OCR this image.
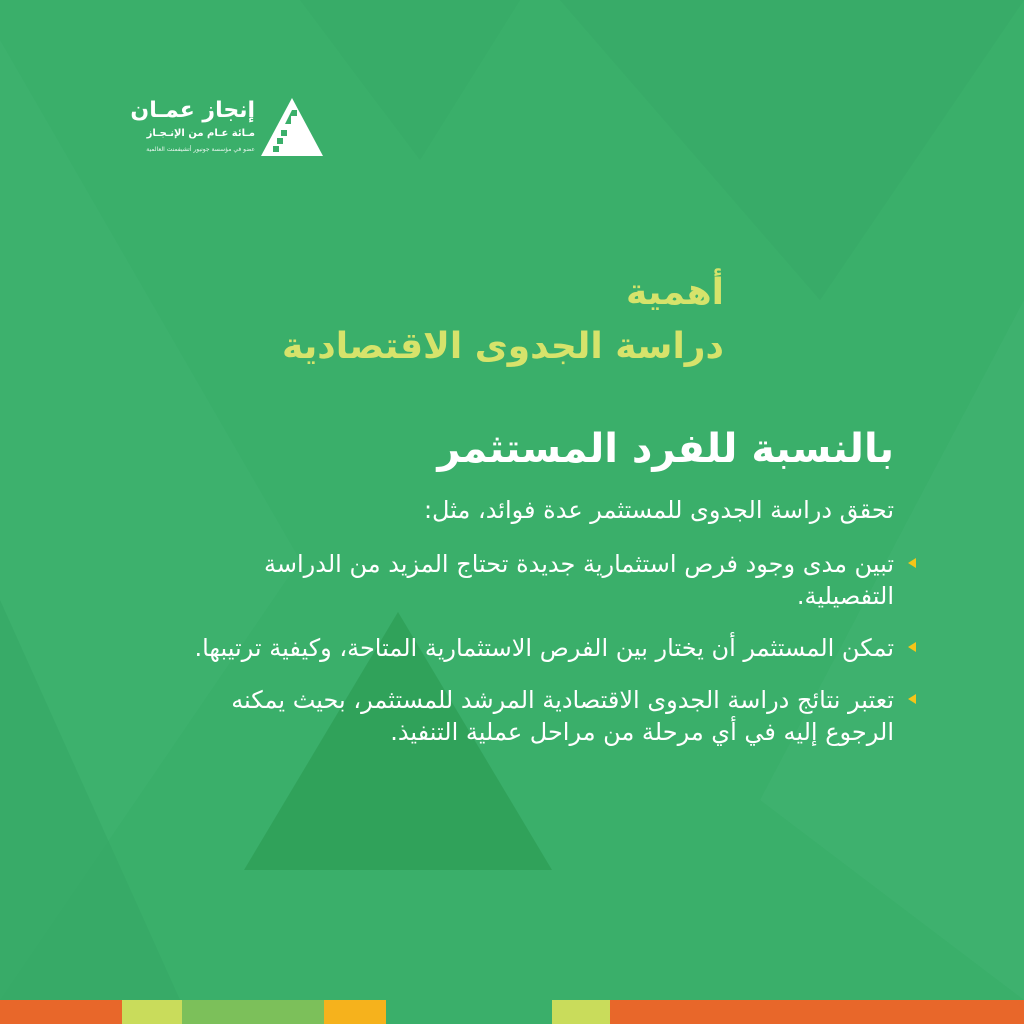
إنجاز عمـان
مـائة عـام من الإنـجـاز
عضو في مؤسسة جونيور أتشيفمنت العالمية
أهمية
دراسة الجدوى الاقتصادية
بالنسبة للفرد المستثمر
تحقق دراسة الجدوى للمستثمر عدة فوائد، مثل:
تبين مدى وجود فرص استثمارية جديدة تحتاج المزيد من الدراسة التفصيلية.
تمكن المستثمر أن يختار بين الفرص الاستثمارية المتاحة، وكيفية ترتيبها.
تعتبر نتائج دراسة الجدوى الاقتصادية المرشد للمستثمر، بحيث يمكنه الرجوع إليه في أي مرحلة من مراحل عملية التنفيذ.
